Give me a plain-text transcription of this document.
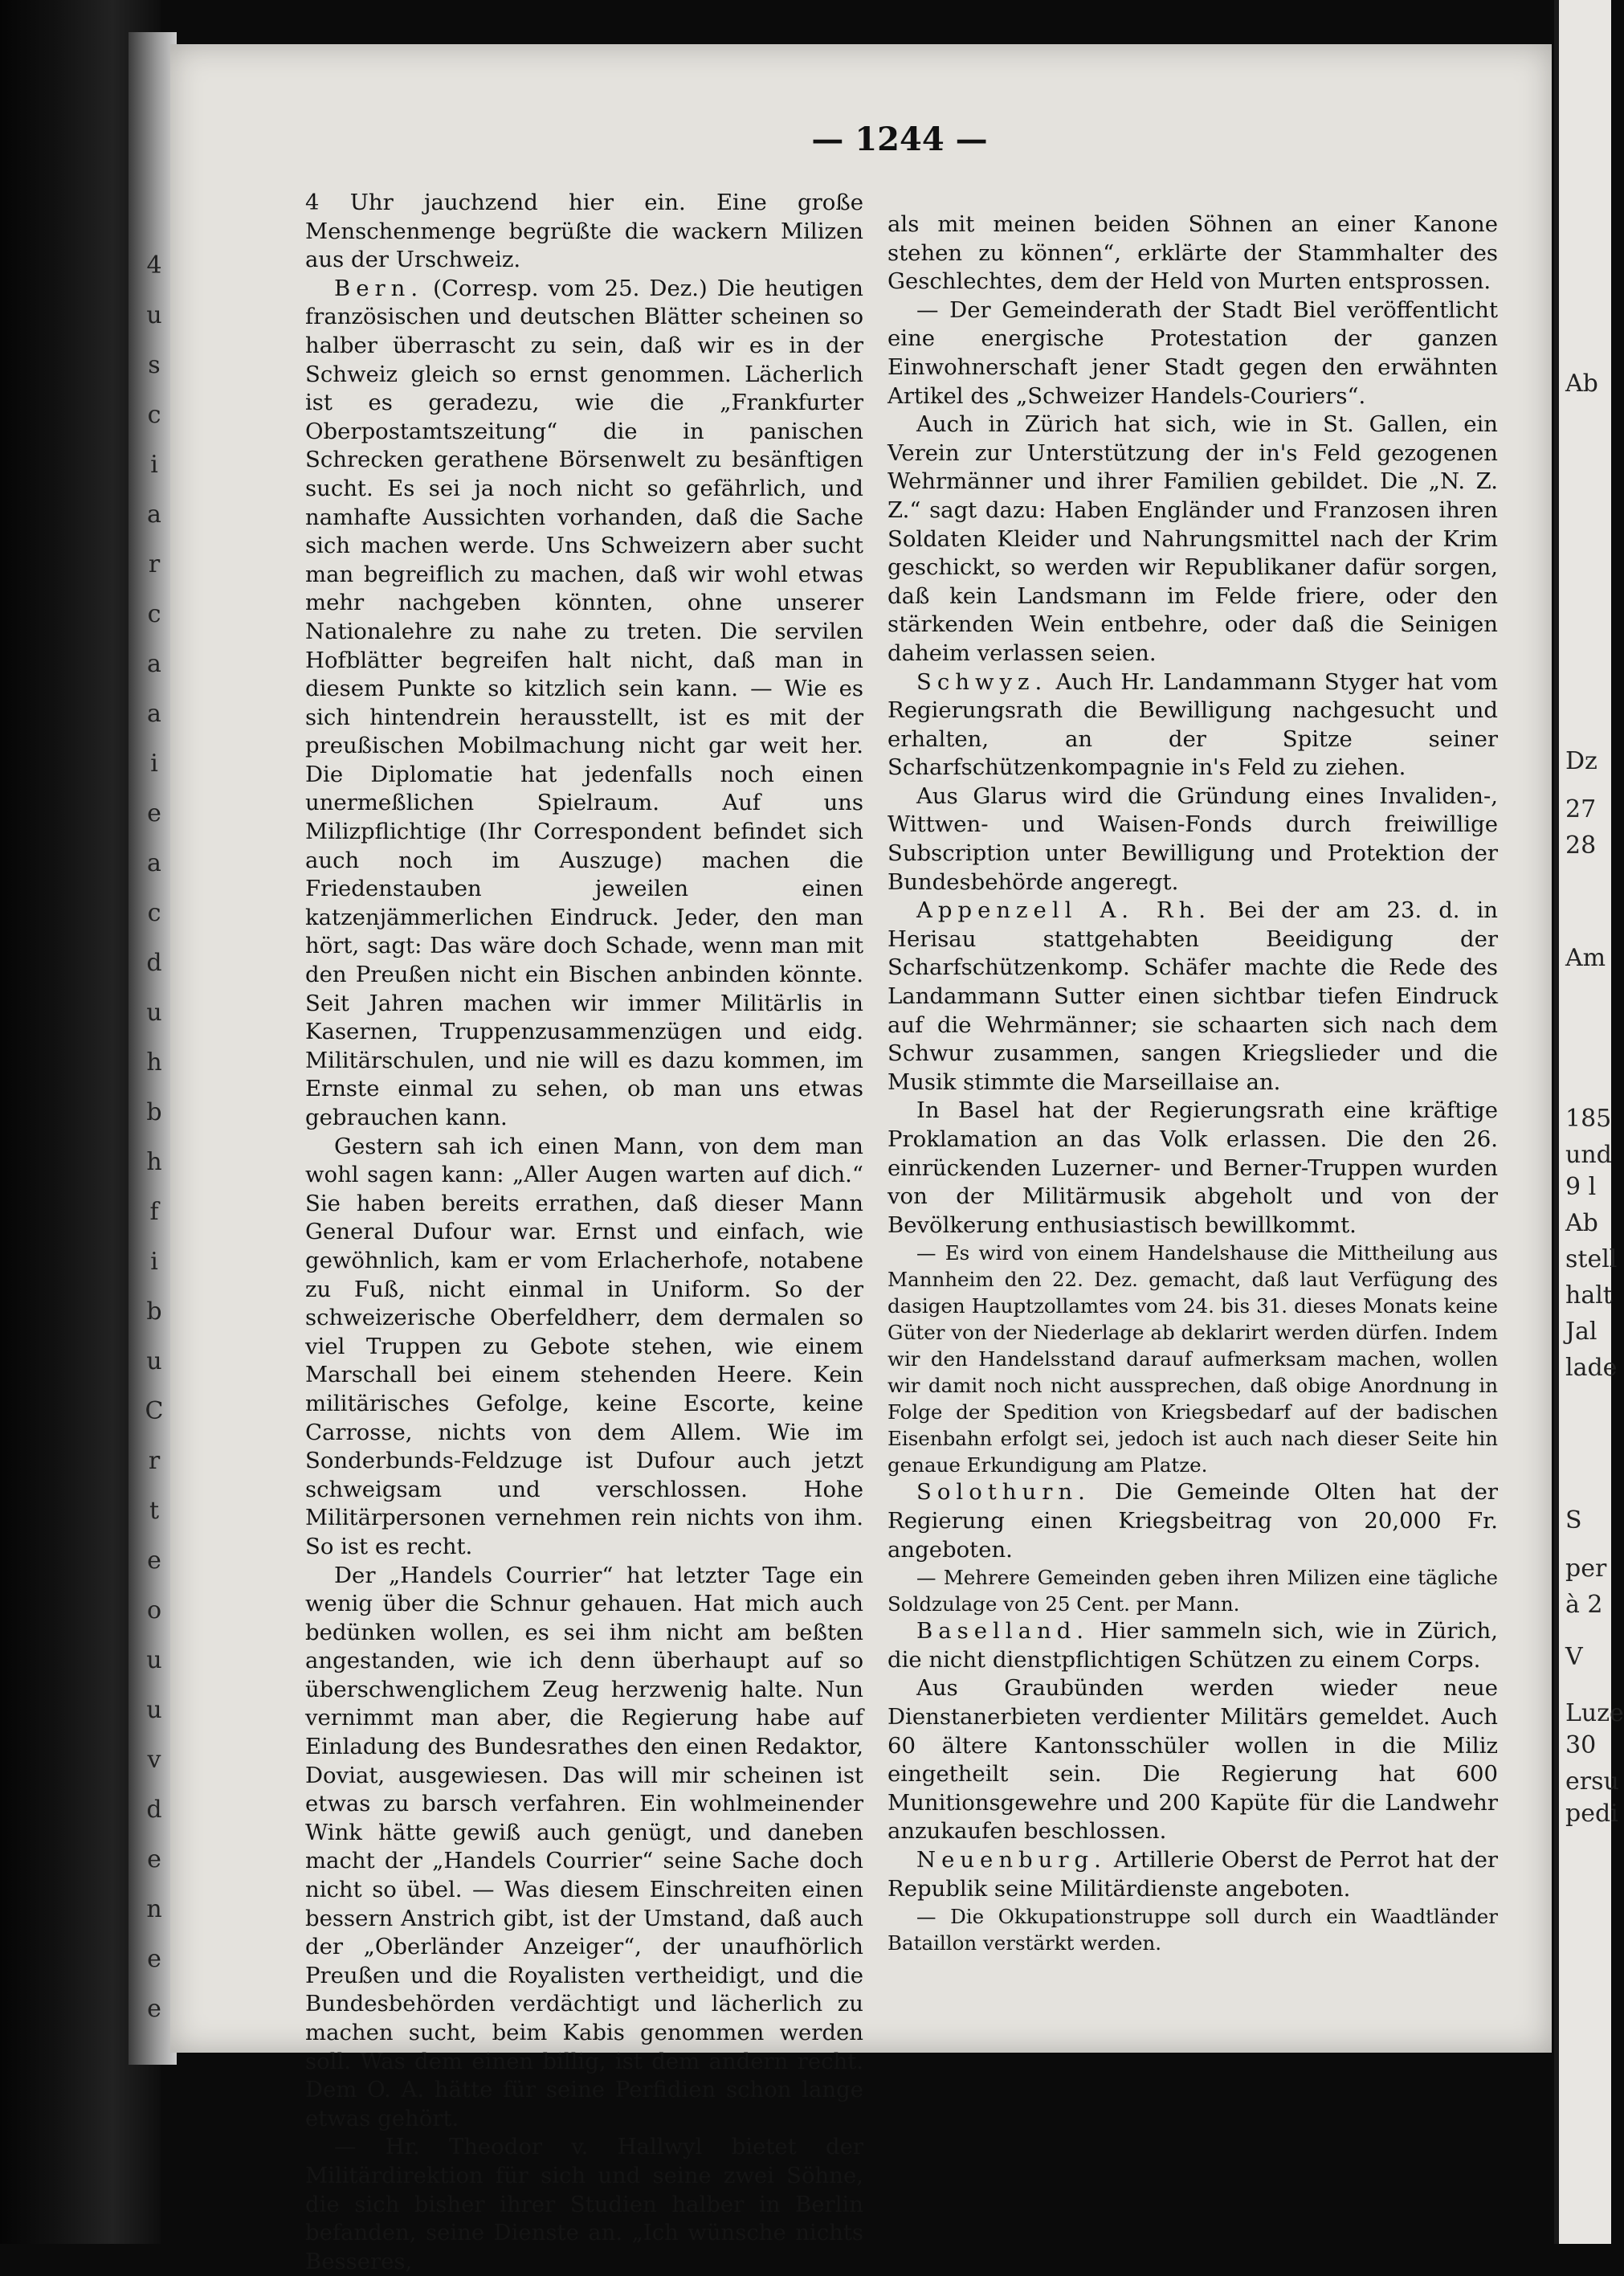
4
u
s
c
i
a
r
c
a
a
i
e
a
c
d
u
h
b
h
f
i
b
u
C
r
t
e
o
u
u
v
d
e
n
e
e
Ab
Dz
27
28
Am
185
und
9 l
Ab
stell
halt
Jal
lade
S
per
à 2
V
Luze
30
ersu
pedi
— 1244 —

4 Uhr jauchzend hier ein. Eine große Menschenmenge begrüßte die wackern Milizen aus der Urschweiz.

Bern. (Corresp. vom 25. Dez.) Die heutigen französischen und deutschen Blätter scheinen so halber überrascht zu sein, daß wir es in der Schweiz gleich so ernst genommen. Lächerlich ist es geradezu, wie die „Frankfurter Oberpostamtszeitung“ die in panischen Schrecken gerathene Börsenwelt zu besänftigen sucht. Es sei ja noch nicht so gefährlich, und namhafte Aussichten vorhanden, daß die Sache sich machen werde. Uns Schweizern aber sucht man begreiflich zu machen, daß wir wohl etwas mehr nachgeben könnten, ohne unserer Nationalehre zu nahe zu treten. Die servilen Hofblätter begreifen halt nicht, daß man in diesem Punkte so kitzlich sein kann. — Wie es sich hintendrein herausstellt, ist es mit der preußischen Mobilmachung nicht gar weit her. Die Diplomatie hat jedenfalls noch einen unermeßlichen Spielraum. Auf uns Milizpflichtige (Ihr Correspondent befindet sich auch noch im Auszuge) machen die Friedenstauben jeweilen einen katzenjämmerlichen Eindruck. Jeder, den man hört, sagt: Das wäre doch Schade, wenn man mit den Preußen nicht ein Bischen anbinden könnte. Seit Jahren machen wir immer Militärlis in Kasernen, Truppenzusammenzügen und eidg. Militärschulen, und nie will es dazu kommen, im Ernste einmal zu sehen, ob man uns etwas gebrauchen kann.

Gestern sah ich einen Mann, von dem man wohl sagen kann: „Aller Augen warten auf dich.“ Sie haben bereits errathen, daß dieser Mann General Dufour war. Ernst und einfach, wie gewöhnlich, kam er vom Erlacherhofe, notabene zu Fuß, nicht einmal in Uniform. So der schweizerische Oberfeldherr, dem dermalen so viel Truppen zu Gebote stehen, wie einem Marschall bei einem stehenden Heere. Kein militärisches Gefolge, keine Escorte, keine Carrosse, nichts von dem Allem. Wie im Sonderbunds-Feldzuge ist Dufour auch jetzt schweigsam und verschlossen. Hohe Militärpersonen vernehmen rein nichts von ihm. So ist es recht.

Der „Handels Courrier“ hat letzter Tage ein wenig über die Schnur gehauen. Hat mich auch bedünken wollen, es sei ihm nicht am beßten angestanden, wie ich denn überhaupt auf so überschwenglichem Zeug herzwenig halte. Nun vernimmt man aber, die Regierung habe auf Einladung des Bundesrathes den einen Redaktor, Doviat, ausgewiesen. Das will mir scheinen ist etwas zu barsch verfahren. Ein wohlmeinender Wink hätte gewiß auch genügt, und daneben macht der „Handels Courrier“ seine Sache doch nicht so übel. — Was diesem Einschreiten einen bessern Anstrich gibt, ist der Umstand, daß auch der „Oberländer Anzeiger“, der unaufhörlich Preußen und die Royalisten vertheidigt, und die Bundesbehörden verdächtigt und lächerlich zu machen sucht, beim Kabis genommen werden soll. Was dem einen billig, ist dem andern recht. Dem O. A. hätte für seine Perfidien schon lange etwas gehört.

— Hr. Theodor v. Hallwyl bietet der Militärdirektion für sich und seine zwei Söhne, die sich bisher ihrer Studien halber in Berlin befanden, seine Dienste an. „Ich wünsche nichts Besseres,

als mit meinen beiden Söhnen an einer Kanone stehen zu können“, erklärte der Stammhalter des Geschlechtes, dem der Held von Murten entsprossen.

— Der Gemeinderath der Stadt Biel veröffentlicht eine energische Protestation der ganzen Einwohnerschaft jener Stadt gegen den erwähnten Artikel des „Schweizer Handels-Couriers“.

Auch in Zürich hat sich, wie in St. Gallen, ein Verein zur Unterstützung der in's Feld gezogenen Wehrmänner und ihrer Familien gebildet. Die „N. Z. Z.“ sagt dazu: Haben Engländer und Franzosen ihren Soldaten Kleider und Nahrungsmittel nach der Krim geschickt, so werden wir Republikaner dafür sorgen, daß kein Landsmann im Felde friere, oder den stärkenden Wein entbehre, oder daß die Seinigen daheim verlassen seien.

Schwyz. Auch Hr. Landammann Styger hat vom Regierungsrath die Bewilligung nachgesucht und erhalten, an der Spitze seiner Scharfschützenkompagnie in's Feld zu ziehen.

Aus Glarus wird die Gründung eines Invaliden-, Wittwen- und Waisen-Fonds durch freiwillige Subscription unter Bewilligung und Protektion der Bundesbehörde angeregt.

Appenzell A. Rh. Bei der am 23. d. in Herisau stattgehabten Beeidigung der Scharfschützenkomp. Schäfer machte die Rede des Landammann Sutter einen sichtbar tiefen Eindruck auf die Wehrmänner; sie schaarten sich nach dem Schwur zusammen, sangen Kriegslieder und die Musik stimmte die Marseillaise an.

In Basel hat der Regierungsrath eine kräftige Proklamation an das Volk erlassen. Die den 26. einrückenden Luzerner- und Berner-Truppen wurden von der Militärmusik abgeholt und von der Bevölkerung enthusiastisch bewillkommt.

— Es wird von einem Handelshause die Mittheilung aus Mannheim den 22. Dez. gemacht, daß laut Verfügung des dasigen Hauptzollamtes vom 24. bis 31. dieses Monats keine Güter von der Niederlage ab deklarirt werden dürfen. Indem wir den Handelsstand darauf aufmerksam machen, wollen wir damit noch nicht aussprechen, daß obige Anordnung in Folge der Spedition von Kriegsbedarf auf der badischen Eisenbahn erfolgt sei, jedoch ist auch nach dieser Seite hin genaue Erkundigung am Platze.

Solothurn. Die Gemeinde Olten hat der Regierung einen Kriegsbeitrag von 20,000 Fr. angeboten.

— Mehrere Gemeinden geben ihren Milizen eine tägliche Soldzulage von 25 Cent. per Mann.

Baselland. Hier sammeln sich, wie in Zürich, die nicht dienstpflichtigen Schützen zu einem Corps.

Aus Graubünden werden wieder neue Dienstanerbieten verdienter Militärs gemeldet. Auch 60 ältere Kantonsschüler wollen in die Miliz eingetheilt sein. Die Regierung hat 600 Munitionsgewehre und 200 Kapüte für die Landwehr anzukaufen beschlossen.

Neuenburg. Artillerie Oberst de Perrot hat der Republik seine Militärdienste angeboten.

— Die Okkupationstruppe soll durch ein Waadtländer Bataillon verstärkt werden.
